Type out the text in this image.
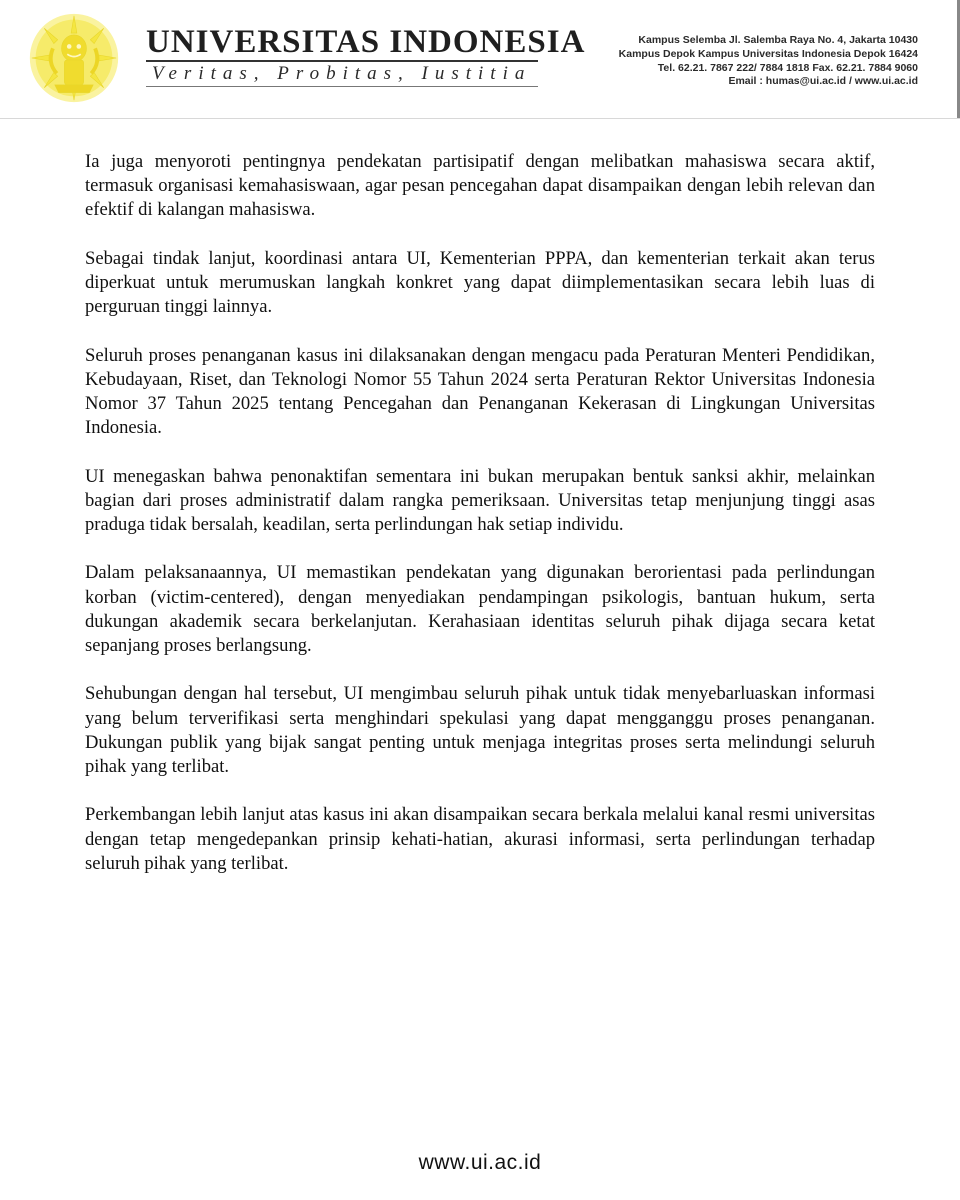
UNIVERSITAS INDONESIA
Veritas, Probitas, Iustitia
Kampus Selemba Jl. Salemba Raya No. 4, Jakarta 10430
Kampus Depok Kampus Universitas Indonesia Depok 16424
Tel. 62.21. 7867 222/ 7884 1818 Fax. 62.21. 7884 9060
Email : humas@ui.ac.id / www.ui.ac.id

Ia juga menyoroti pentingnya pendekatan partisipatif dengan melibatkan mahasiswa secara aktif, termasuk organisasi kemahasiswaan, agar pesan pencegahan dapat disampaikan dengan lebih relevan dan efektif di kalangan mahasiswa.

Sebagai tindak lanjut, koordinasi antara UI, Kementerian PPPA, dan kementerian terkait akan terus diperkuat untuk merumuskan langkah konkret yang dapat diimplementasikan secara lebih luas di perguruan tinggi lainnya.

Seluruh proses penanganan kasus ini dilaksanakan dengan mengacu pada Peraturan Menteri Pendidikan, Kebudayaan, Riset, dan Teknologi Nomor 55 Tahun 2024 serta Peraturan Rektor Universitas Indonesia Nomor 37 Tahun 2025 tentang Pencegahan dan Penanganan Kekerasan di Lingkungan Universitas Indonesia.

UI menegaskan bahwa penonaktifan sementara ini bukan merupakan bentuk sanksi akhir, melainkan bagian dari proses administratif dalam rangka pemeriksaan. Universitas tetap menjunjung tinggi asas praduga tidak bersalah, keadilan, serta perlindungan hak setiap individu.

Dalam pelaksanaannya, UI memastikan pendekatan yang digunakan berorientasi pada perlindungan korban (victim-centered), dengan menyediakan pendampingan psikologis, bantuan hukum, serta dukungan akademik secara berkelanjutan. Kerahasiaan identitas seluruh pihak dijaga secara ketat sepanjang proses berlangsung.

Sehubungan dengan hal tersebut, UI mengimbau seluruh pihak untuk tidak menyebarluaskan informasi yang belum terverifikasi serta menghindari spekulasi yang dapat mengganggu proses penanganan. Dukungan publik yang bijak sangat penting untuk menjaga integritas proses serta melindungi seluruh pihak yang terlibat.

Perkembangan lebih lanjut atas kasus ini akan disampaikan secara berkala melalui kanal resmi universitas dengan tetap mengedepankan prinsip kehati-hatian, akurasi informasi, serta perlindungan terhadap seluruh pihak yang terlibat.

www.ui.ac.id
